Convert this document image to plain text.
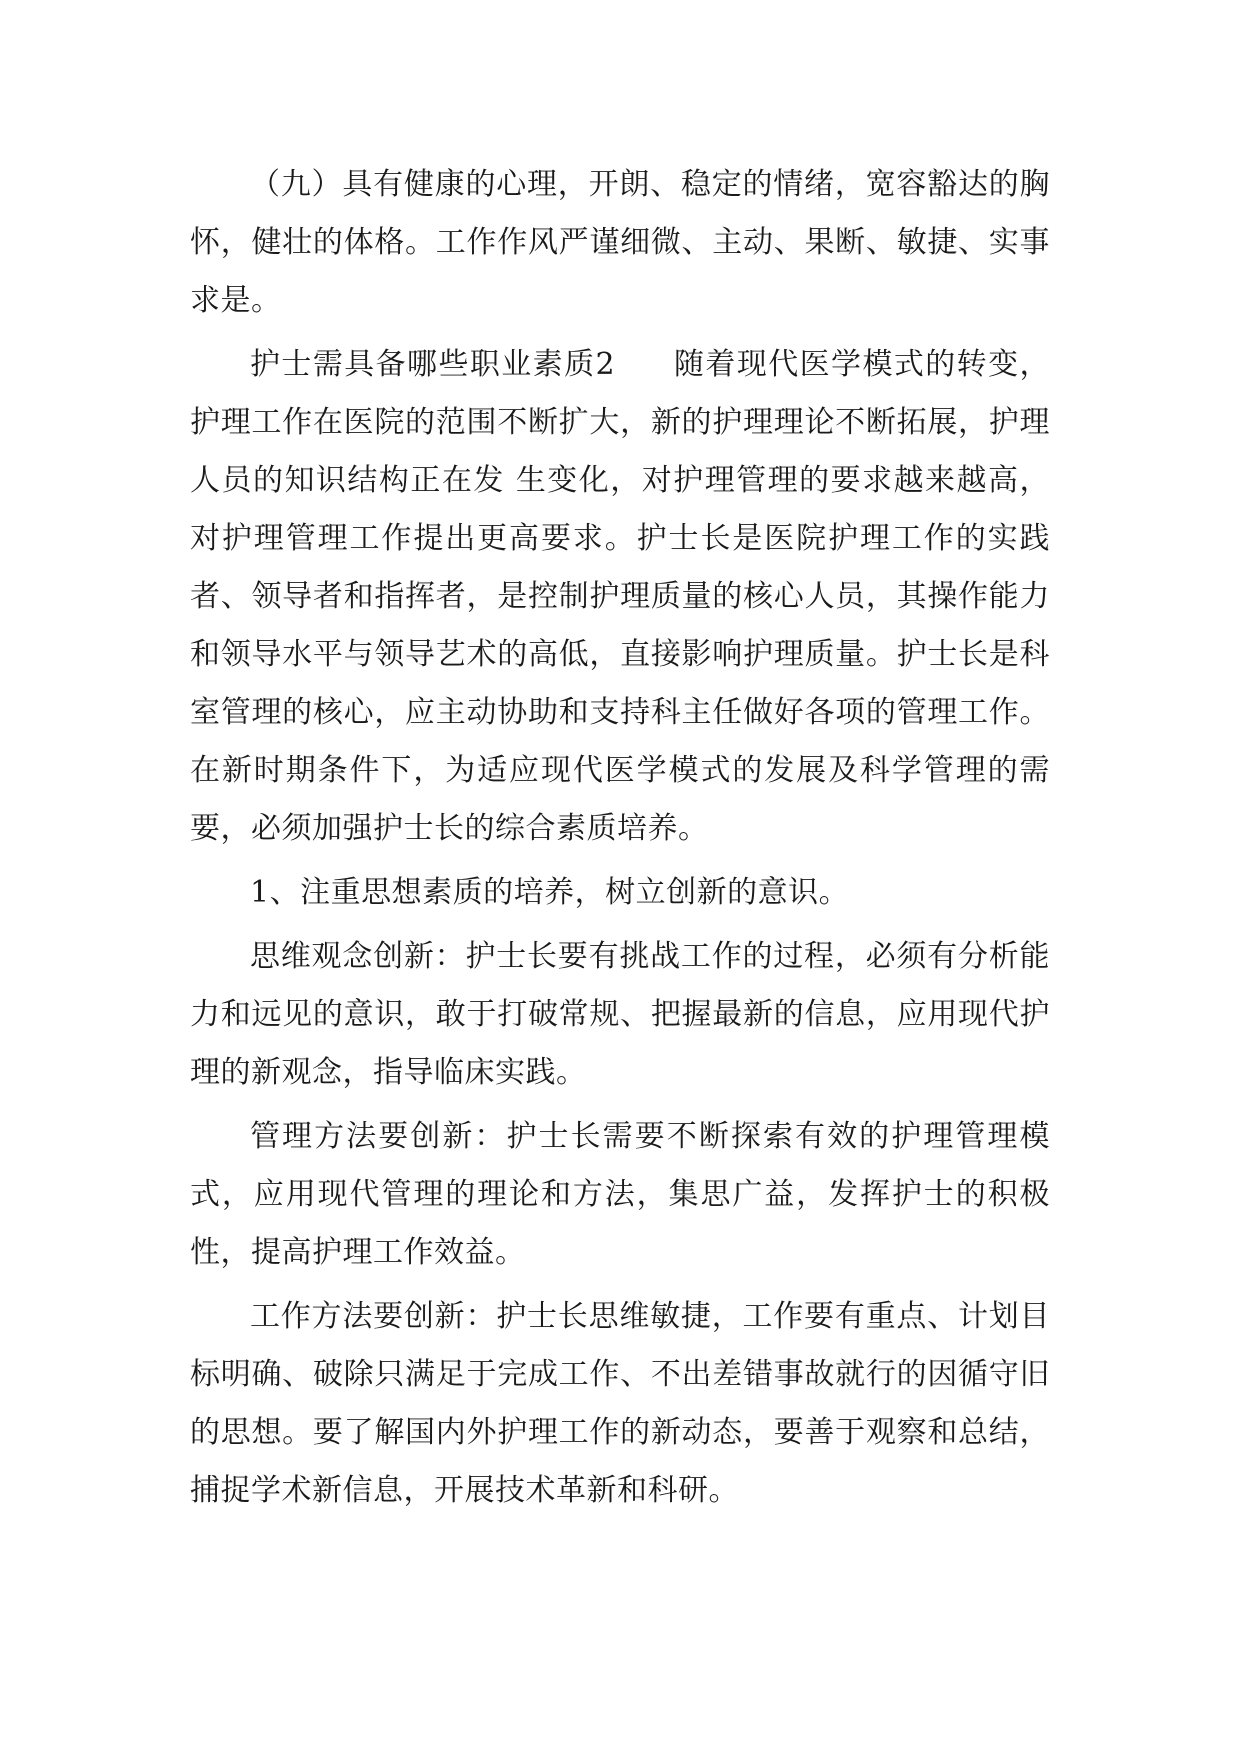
（九）具有健康的心理，开朗、稳定的情绪，宽容豁达的胸怀，健壮的体格。工作作风严谨细微、主动、果断、敏捷、实事求是。

护士需具备哪些职业素质2 随着现代医学模式的转变，护理工作在医院的范围不断扩大，新的护理理论不断拓展，护理人员的知识结构正在发 生变化，对护理管理的要求越来越高，对护理管理工作提出更高要求。护士长是医院护理工作的实践者、领导者和指挥者，是控制护理质量的核心人员，其操作能力和领导水平与领导艺术的高低，直接影响护理质量。护士长是科室管理的核心，应主动协助和支持科主任做好各项的管理工作。在新时期条件下，为适应现代医学模式的发展及科学管理的需要，必须加强护士长的综合素质培养。

1、注重思想素质的培养，树立创新的意识。

思维观念创新：护士长要有挑战工作的过程，必须有分析能力和远见的意识，敢于打破常规、把握最新的信息，应用现代护理的新观念，指导临床实践。

管理方法要创新：护士长需要不断探索有效的护理管理模式，应用现代管理的理论和方法，集思广益，发挥护士的积极性，提高护理工作效益。

工作方法要创新：护士长思维敏捷，工作要有重点、计划目标明确、破除只满足于完成工作、不出差错事故就行的因循守旧的思想。要了解国内外护理工作的新动态，要善于观察和总结，捕捉学术新信息，开展技术革新和科研。
